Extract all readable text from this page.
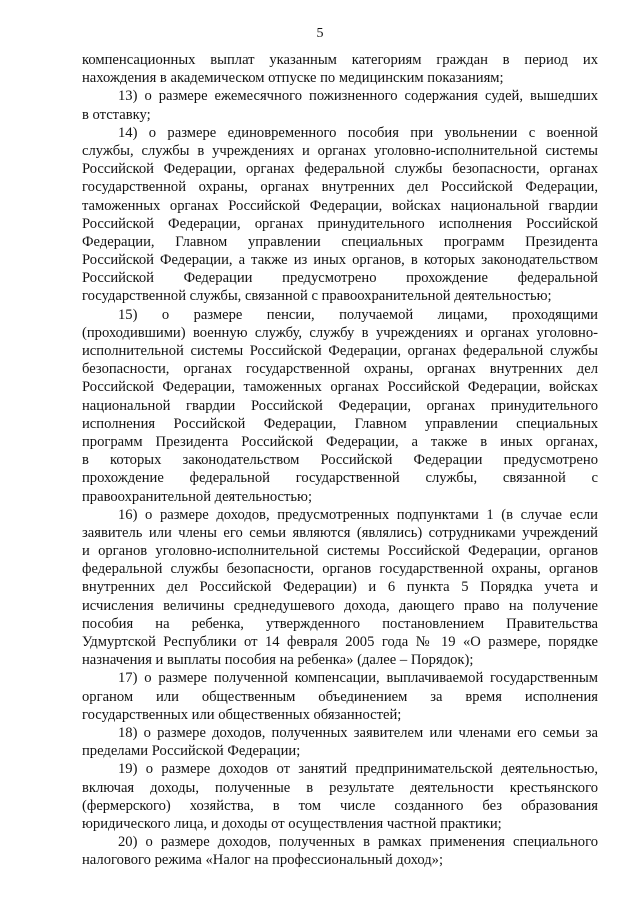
5
компенсационных выплат указанным категориям граждан в период их
нахождения в академическом отпуске по медицинским показаниям;
13) о размере ежемесячного пожизненного содержания судей, вышедших
в отставку;
14) о размере единовременного пособия при увольнении с военной
службы, службы в учреждениях и органах уголовно-исполнительной системы
Российской Федерации, органах федеральной службы безопасности, органах
государственной охраны, органах внутренних дел Российской Федерации,
таможенных органах Российской Федерации, войсках национальной гвардии
Российской Федерации, органах принудительного исполнения Российской
Федерации, Главном управлении специальных программ Президента
Российской Федерации, а также из иных органов, в которых законодательством
Российской Федерации предусмотрено прохождение федеральной
государственной службы, связанной с правоохранительной деятельностью;
15) о размере пенсии, получаемой лицами, проходящими
(проходившими) военную службу, службу в учреждениях и органах уголовно-
исполнительной системы Российской Федерации, органах федеральной службы
безопасности, органах государственной охраны, органах внутренних дел
Российской Федерации, таможенных органах Российской Федерации, войсках
национальной гвардии Российской Федерации, органах принудительного
исполнения Российской Федерации, Главном управлении специальных
программ Президента Российской Федерации, а также в иных органах,
в которых законодательством Российской Федерации предусмотрено
прохождение федеральной государственной службы, связанной с
правоохранительной деятельностью;
16) о размере доходов, предусмотренных подпунктами 1 (в случае если
заявитель или члены его семьи являются (являлись) сотрудниками учреждений
и органов уголовно-исполнительной системы Российской Федерации, органов
федеральной службы безопасности, органов государственной охраны, органов
внутренних дел Российской Федерации) и 6 пункта 5 Порядка учета и
исчисления величины среднедушевого дохода, дающего право на получение
пособия на ребенка, утвержденного постановлением Правительства
Удмуртской Республики от 14 февраля 2005 года № 19 «О размере, порядке
назначения и выплаты пособия на ребенка» (далее – Порядок);
17) о размере полученной компенсации, выплачиваемой государственным
органом или общественным объединением за время исполнения
государственных или общественных обязанностей;
18) о размере доходов, полученных заявителем или членами его семьи за
пределами Российской Федерации;
19) о размере доходов от занятий предпринимательской деятельностью,
включая доходы, полученные в результате деятельности крестьянского
(фермерского) хозяйства, в том числе созданного без образования
юридического лица, и доходы от осуществления частной практики;
20) о размере доходов, полученных в рамках применения специального
налогового режима «Налог на профессиональный доход»;
